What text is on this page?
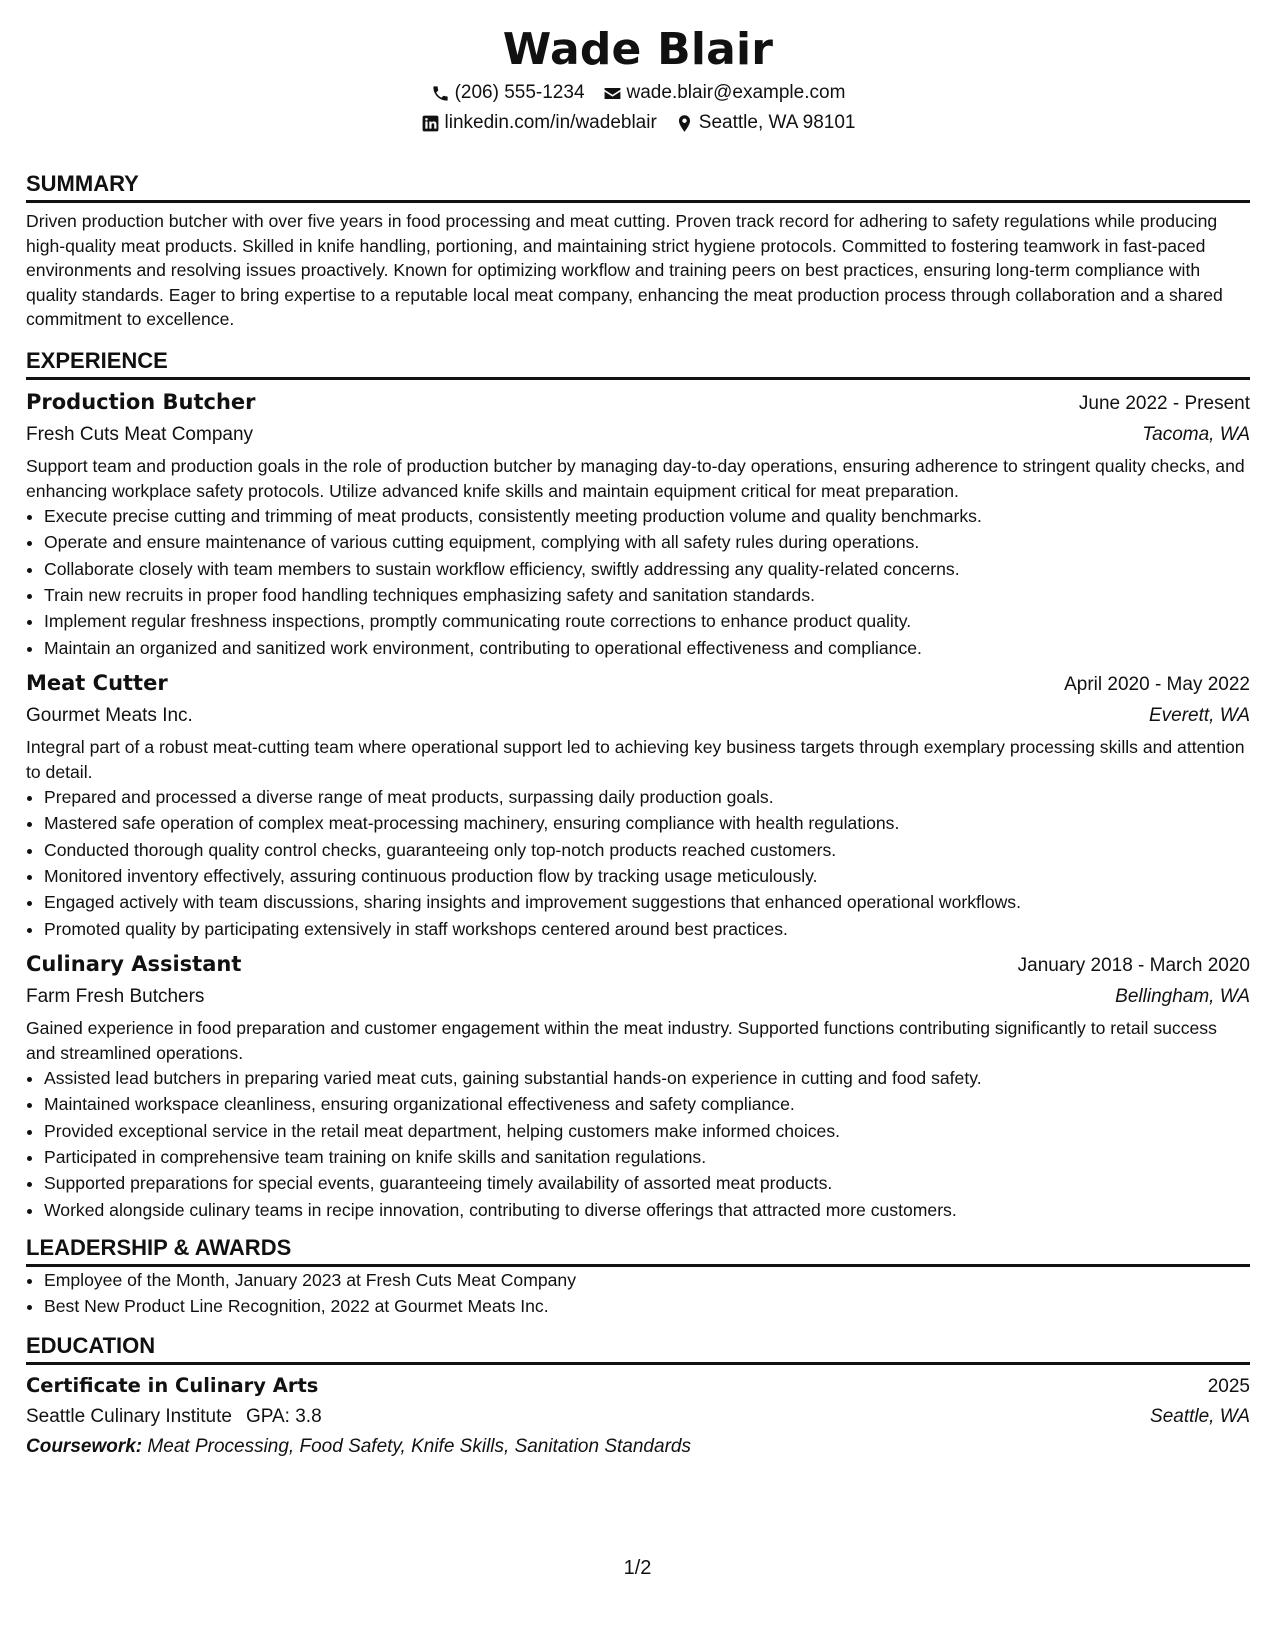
Wade Blair
(206) 555-1234 wade.blair@example.com
linkedin.com/in/wadeblair Seattle, WA 98101
SUMMARY

Driven production butcher with over five years in food processing and meat cutting. Proven track record for adhering to safety regulations while producing high-quality meat products. Skilled in knife handling, portioning, and maintaining strict hygiene protocols. Committed to fostering teamwork in fast-paced environments and resolving issues proactively. Known for optimizing workflow and training peers on best practices, ensuring long-term compliance with quality standards. Eager to bring expertise to a reputable local meat company, enhancing the meat production process through collaboration and a shared commitment to excellence.

EXPERIENCE
Production Butcher	June 2022 - Present
Fresh Cuts Meat Company	Tacoma, WA

Support team and production goals in the role of production butcher by managing day-to-day operations, ensuring adherence to stringent quality checks, and enhancing workplace safety protocols. Utilize advanced knife skills and maintain equipment critical for meat preparation.

• Execute precise cutting and trimming of meat products, consistently meeting production volume and quality benchmarks.
• Operate and ensure maintenance of various cutting equipment, complying with all safety rules during operations.
• Collaborate closely with team members to sustain workflow efficiency, swiftly addressing any quality-related concerns.
• Train new recruits in proper food handling techniques emphasizing safety and sanitation standards.
• Implement regular freshness inspections, promptly communicating route corrections to enhance product quality.
• Maintain an organized and sanitized work environment, contributing to operational effectiveness and compliance.
Meat Cutter	April 2020 - May 2022
Gourmet Meats Inc.	Everett, WA

Integral part of a robust meat-cutting team where operational support led to achieving key business targets through exemplary processing skills and attention to detail.

• Prepared and processed a diverse range of meat products, surpassing daily production goals.
• Mastered safe operation of complex meat-processing machinery, ensuring compliance with health regulations.
• Conducted thorough quality control checks, guaranteeing only top-notch products reached customers.
• Monitored inventory effectively, assuring continuous production flow by tracking usage meticulously.
• Engaged actively with team discussions, sharing insights and improvement suggestions that enhanced operational workflows.
• Promoted quality by participating extensively in staff workshops centered around best practices.
Culinary Assistant	January 2018 - March 2020
Farm Fresh Butchers	Bellingham, WA

Gained experience in food preparation and customer engagement within the meat industry. Supported functions contributing significantly to retail success and streamlined operations.

• Assisted lead butchers in preparing varied meat cuts, gaining substantial hands-on experience in cutting and food safety.
• Maintained workspace cleanliness, ensuring organizational effectiveness and safety compliance.
• Provided exceptional service in the retail meat department, helping customers make informed choices.
• Participated in comprehensive team training on knife skills and sanitation regulations.
• Supported preparations for special events, guaranteeing timely availability of assorted meat products.
• Worked alongside culinary teams in recipe innovation, contributing to diverse offerings that attracted more customers.
LEADERSHIP & AWARDS
• Employee of the Month, January 2023 at Fresh Cuts Meat Company
• Best New Product Line Recognition, 2022 at Gourmet Meats Inc.
EDUCATION
Certificate in Culinary Arts	2025
Seattle Culinary Institute GPA: 3.8	Seattle, WA
Coursework: Meat Processing, Food Safety, Knife Skills, Sanitation Standards
1/2
